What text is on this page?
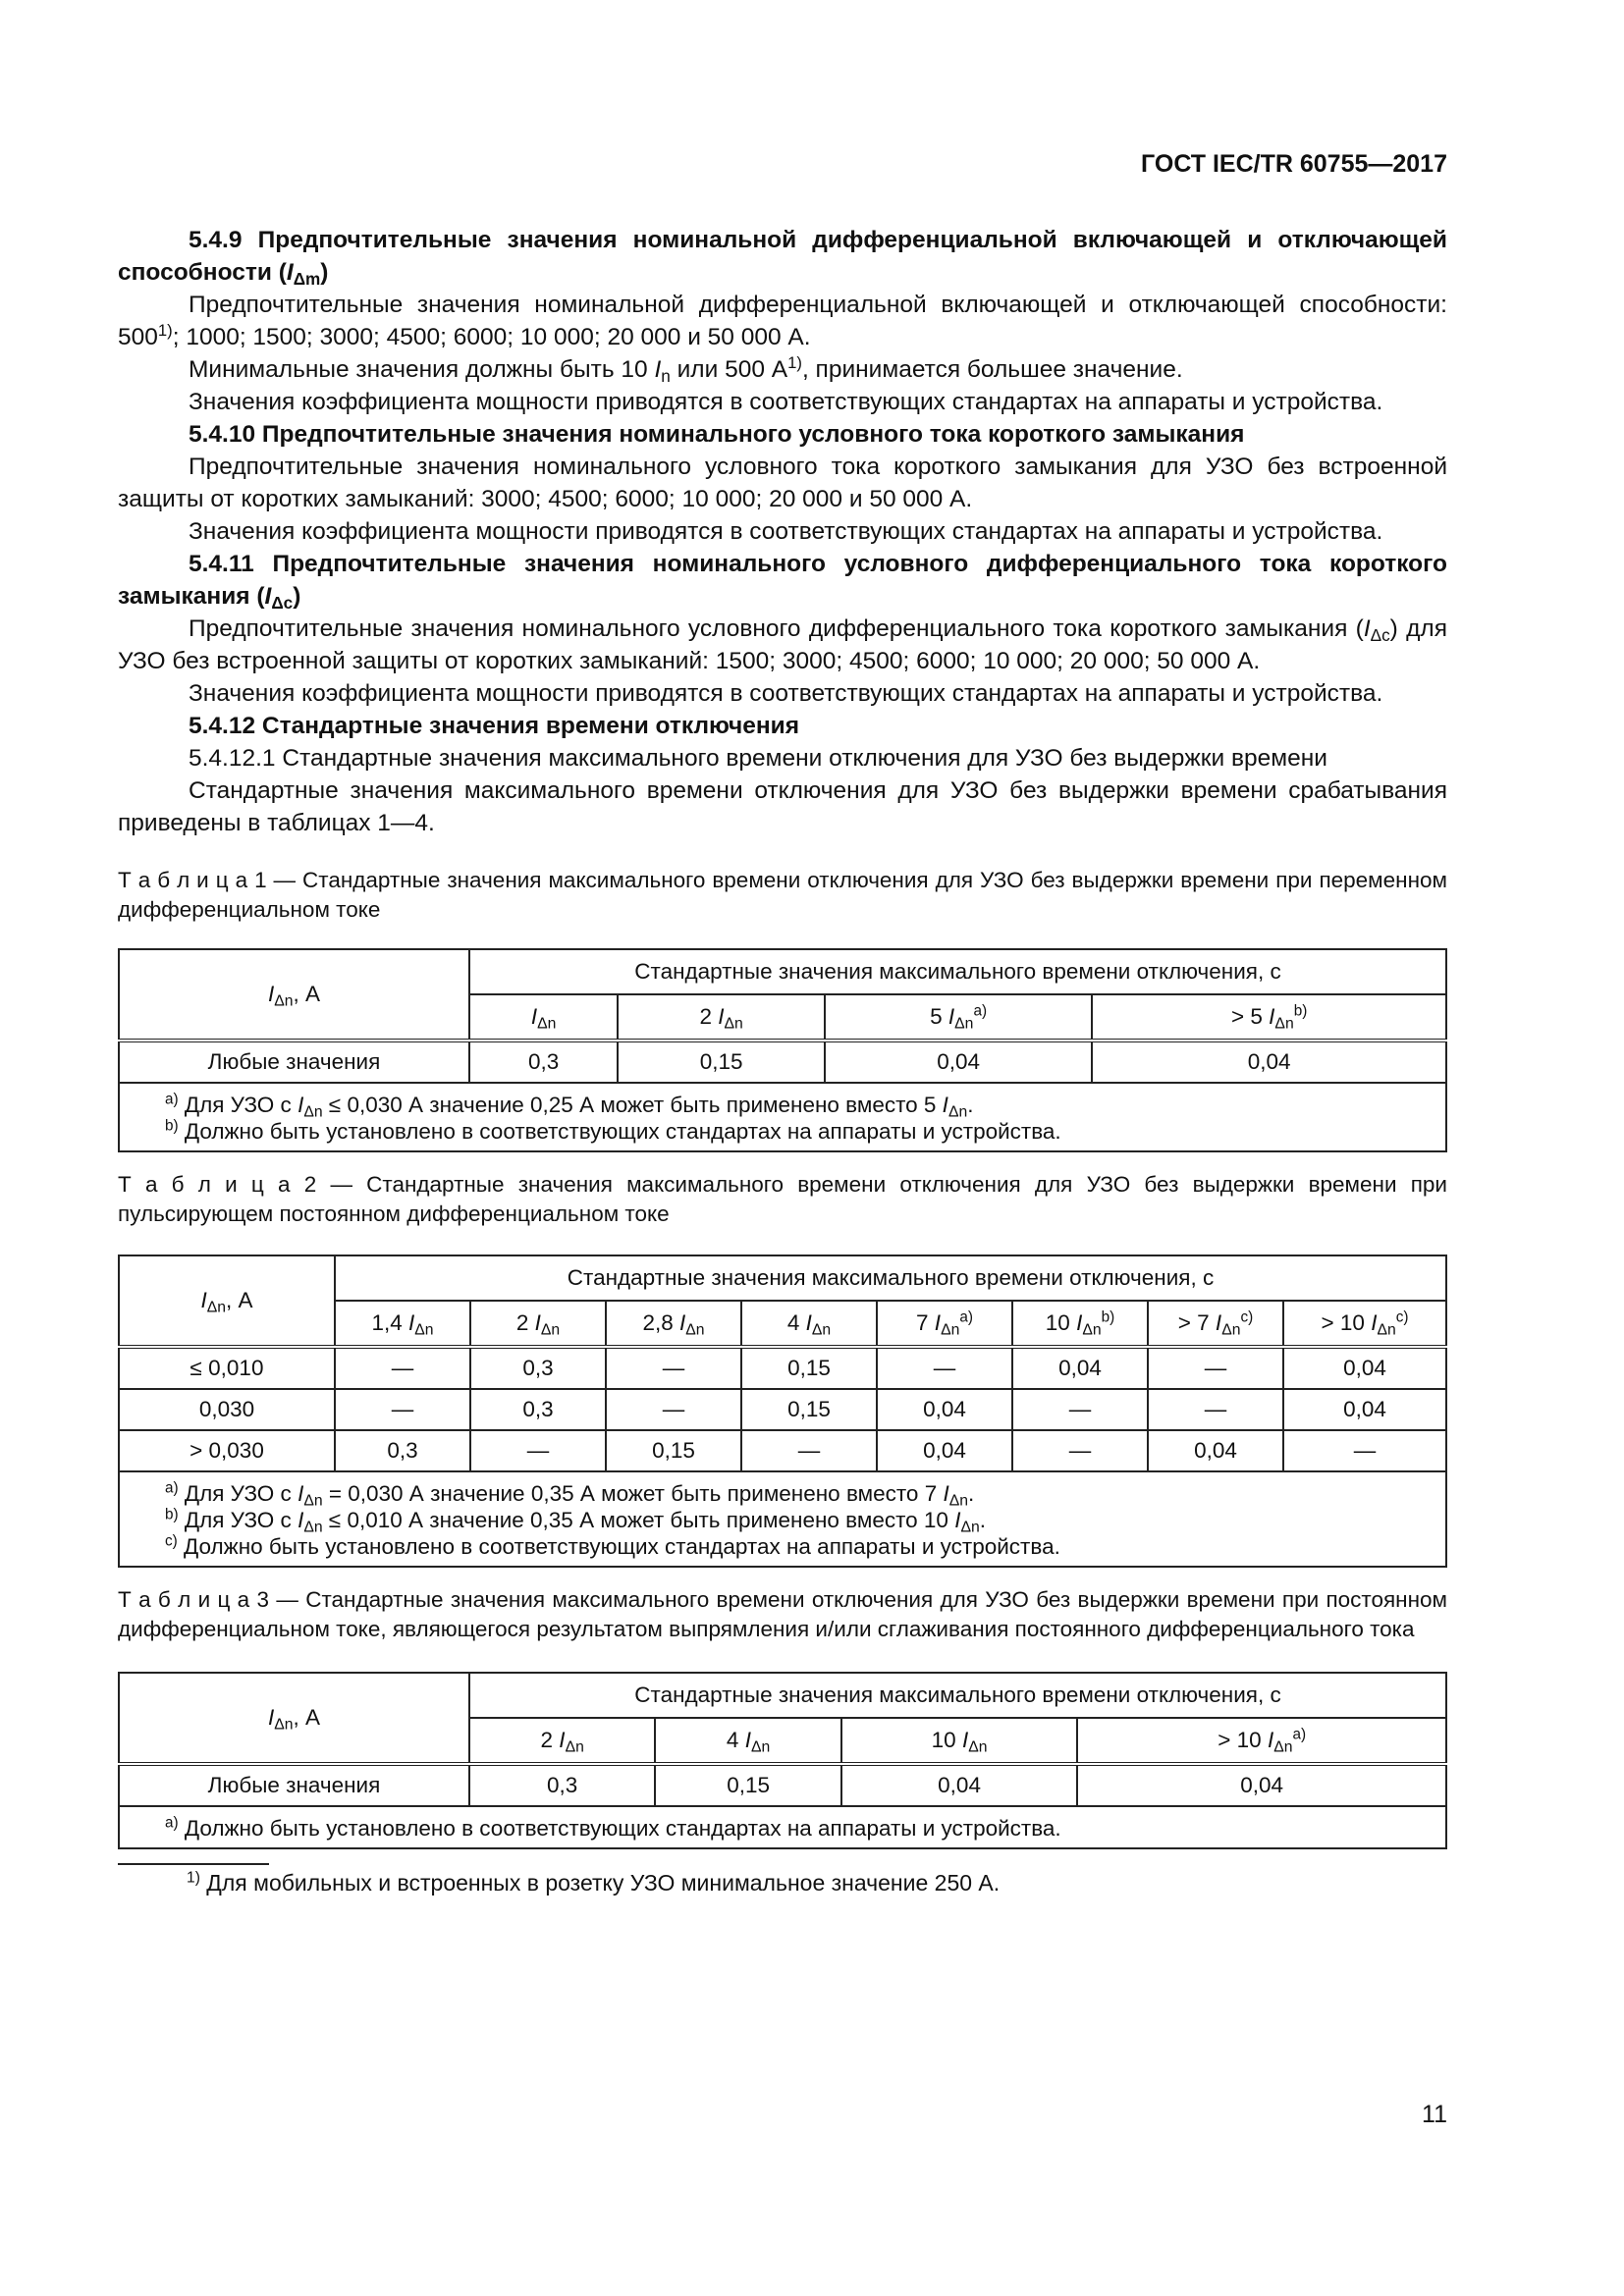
ГОСТ IEC/TR 60755—2017

5.4.9 Предпочтительные значения номинальной дифференциальной включающей и отключающей способности $(I_{\Delta m})$

Предпочтительные значения номинальной дифференциальной включающей и отключающей способности: 500$^{1)}$; 1000; 1500; 3000; 4500; 6000; 10 000; 20 000 и 50 000 А.

Минимальные значения должны быть 10 $I_n$ или 500 $А^{1)}$, принимается большее значение.

Значения коэффициента мощности приводятся в соответствующих стандартах на аппараты и устройства.

5.4.10 Предпочтительные значения номинального условного тока короткого замыкания

Предпочтительные значения номинального условного тока короткого замыкания для УЗО без встроенной защиты от коротких замыканий: 3000; 4500; 6000; 10 000; 20 000 и 50 000 А.

Значения коэффициента мощности приводятся в соответствующих стандартах на аппараты и устройства.

5.4.11 Предпочтительные значения номинального условного дифференциального тока короткого замыкания $(I_{\Delta c})$

Предпочтительные значения номинального условного дифференциального тока короткого замыкания $(I_{\Delta c})$ для УЗО без встроенной защиты от коротких замыканий: 1500; 3000; 4500; 6000; 10 000; 20 000; 50 000 А.

Значения коэффициента мощности приводятся в соответствующих стандартах на аппараты и устройства.

5.4.12 Стандартные значения времени отключения

5.4.12.1 Стандартные значения максимального времени отключения для УЗО без выдержки времени

Стандартные значения максимального времени отключения для УЗО без выдержки времени срабатывания приведены в таблицах 1—4.

Т а б л и ц а 1 — Стандартные значения максимального времени отключения для УЗО без выдержки времени при переменном дифференциальном токе

$I_{\Delta n}$, А	Стандартные значения максимального времени отключения, с			
	$I_{\Delta n}$	2 $I_{\Delta n}$	5 $I_{\Delta n}^{a)}$	> 5 $I_{\Delta n}^{b)}$
Любые значения	0,3	0,15	0,04	0,04

$^{a)}$ Для УЗО с $I_{\Delta n} \le 0,030$ А значение 0,25 А может быть применено вместо 5 $I_{\Delta n}$.
$^{b)}$ Должно быть установлено в соответствующих стандартах на аппараты и устройства.				

Т а б л и ц а 2 — Стандартные значения максимального времени отключения для УЗО без выдержки времени при пульсирующем постоянном дифференциальном токе

$I_{\Delta n}$, А	Стандартные значения максимального времени отключения, с							
	1,4 $I_{\Delta n}$	2 $I_{\Delta n}$	2,8 $I_{\Delta n}$	4 $I_{\Delta n}$	7 $I_{\Delta n}^{a)}$	10 $I_{\Delta n}^{b)}$	> 7 $I_{\Delta n}^{c)}$	> 10 $I_{\Delta n}^{c)}$
≤ 0,010	—	0,3	—	0,15	—	0,04	—	0,04
0,030	—	0,3	—	0,15	0,04	—	—	0,04
> 0,030	0,3	—	0,15	—	0,04	—	0,04	—

$^{a)}$ Для УЗО с $I_{\Delta n} = 0,030$ А значение 0,35 А может быть применено вместо 7 $I_{\Delta n}$.
$^{b)}$ Для УЗО с $I_{\Delta n} \le 0,010$ А значение 0,35 А может быть применено вместо 10 $I_{\Delta n}$.
$^{c)}$ Должно быть установлено в соответствующих стандартах на аппараты и устройства.								

Т а б л и ц а 3 — Стандартные значения максимального времени отключения для УЗО без выдержки времени при постоянном дифференциальном токе, являющегося результатом выпрямления и/или сглаживания постоянного дифференциального тока

$I_{\Delta n}$, А	Стандартные значения максимального времени отключения, с			
	2 $I_{\Delta n}$	4 $I_{\Delta n}$	10 $I_{\Delta n}$	> 10 $I_{\Delta n}^{a)}$
Любые значения	0,3	0,15	0,04	0,04

$^{a)}$ Должно быть установлено в соответствующих стандартах на аппараты и устройства.				

$^{1)}$ Для мобильных и встроенных в розетку УЗО минимальное значение 250 А.

11
